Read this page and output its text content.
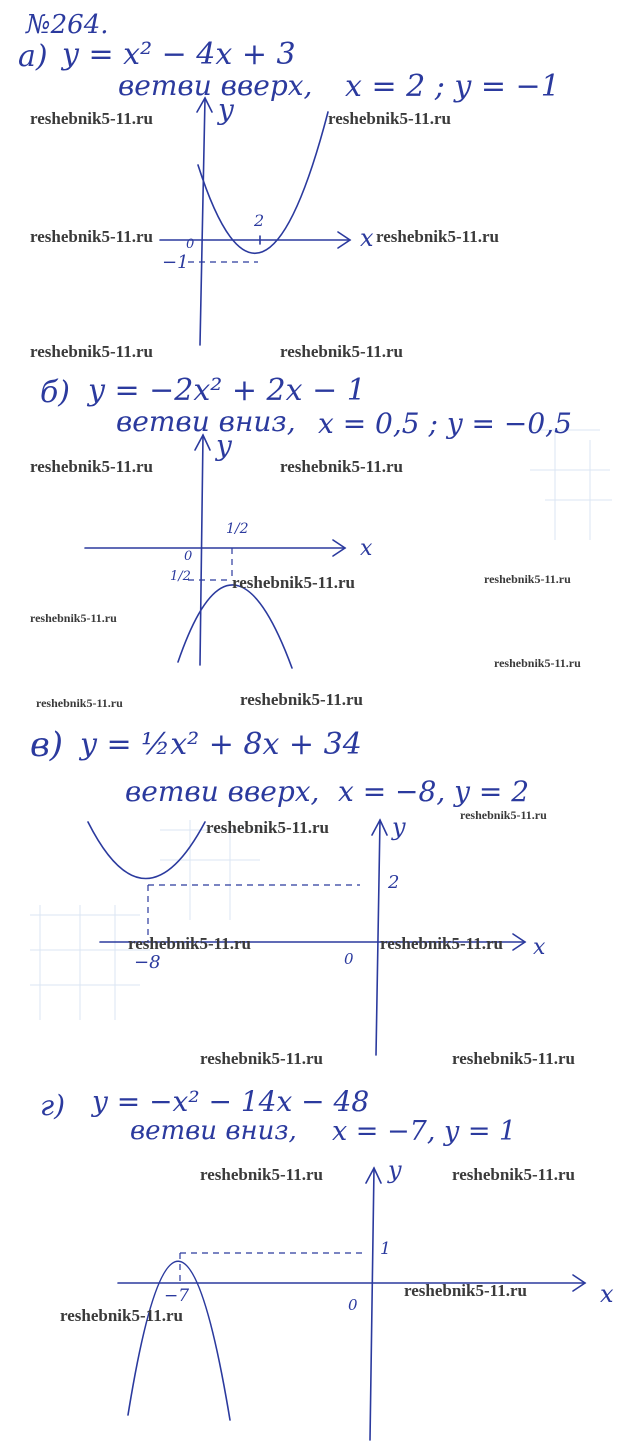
№264.
а) y = x² − 4x + 3
ветви вверх, x = 2 ; y = −1
y
x
0
2
−1
б) y = −2x² + 2x − 1
ветви вниз, x = 0,5 ; y = −0,5
y
x
0
1/2
1/2
в) y = ½x² + 8x + 34
ветви вверх, x = −8, y = 2
y
x
0
−8
2
г) y = −x² − 14x − 48
ветви вниз, x = −7, y = 1
y
x
0
−7
1
reshebnik5-11.ru	reshebnik5-11.ru
reshebnik5-11.ru	reshebnik5-11.ru
reshebnik5-11.ru	reshebnik5-11.ru
reshebnik5-11.ru	reshebnik5-11.ru
reshebnik5-11.ru	reshebnik5-11.ru
reshebnik5-11.ru
reshebnik5-11.ru
reshebnik5-11.ru	reshebnik5-11.ru
reshebnik5-11.ru
reshebnik5-11.ru
reshebnik5-11.ru	reshebnik5-11.ru
reshebnik5-11.ru	reshebnik5-11.ru
reshebnik5-11.ru	reshebnik5-11.ru
reshebnik5-11.ru
reshebnik5-11.ru
